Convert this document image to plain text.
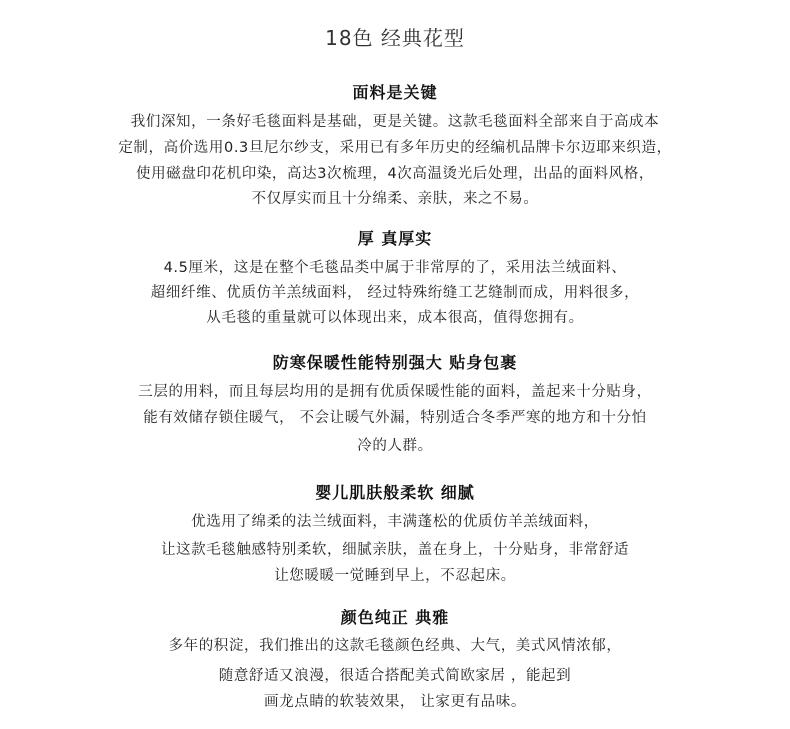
18色 经典花型
面料是关键
我们深知，一条好毛毯面料是基础，更是关键。这款毛毯面料全部来自于高成本
定制，高价选用0.3旦尼尔纱支，采用已有多年历史的经编机品牌卡尔迈耶来织造，
使用磁盘印花机印染，高达3次梳理，4次高温烫光后处理，出品的面料风格，
不仅厚实而且十分绵柔、亲肤，来之不易。
厚 真厚实
4.5厘米，这是在整个毛毯品类中属于非常厚的了，采用法兰绒面料、
超细纤维、优质仿羊羔绒面料， 经过特殊绗缝工艺缝制而成，用料很多，
从毛毯的重量就可以体现出来，成本很高，值得您拥有。
防寒保暖性能特别强大 贴身包裹
三层的用料，而且每层均用的是拥有优质保暖性能的面料，盖起来十分贴身，
能有效储存锁住暖气， 不会让暖气外漏，特别适合冬季严寒的地方和十分怕
冷的人群。
婴儿肌肤般柔软 细腻
优选用了绵柔的法兰绒面料，丰满蓬松的优质仿羊羔绒面料，
让这款毛毯触感特别柔软，细腻亲肤，盖在身上，十分贴身，非常舒适
让您暖暖一觉睡到早上，不忍起床。
颜色纯正 典雅
多年的积淀，我们推出的这款毛毯颜色经典、大气，美式风情浓郁，
随意舒适又浪漫，很适合搭配美式简欧家居 ，能起到
画龙点睛的软装效果， 让家更有品味。
